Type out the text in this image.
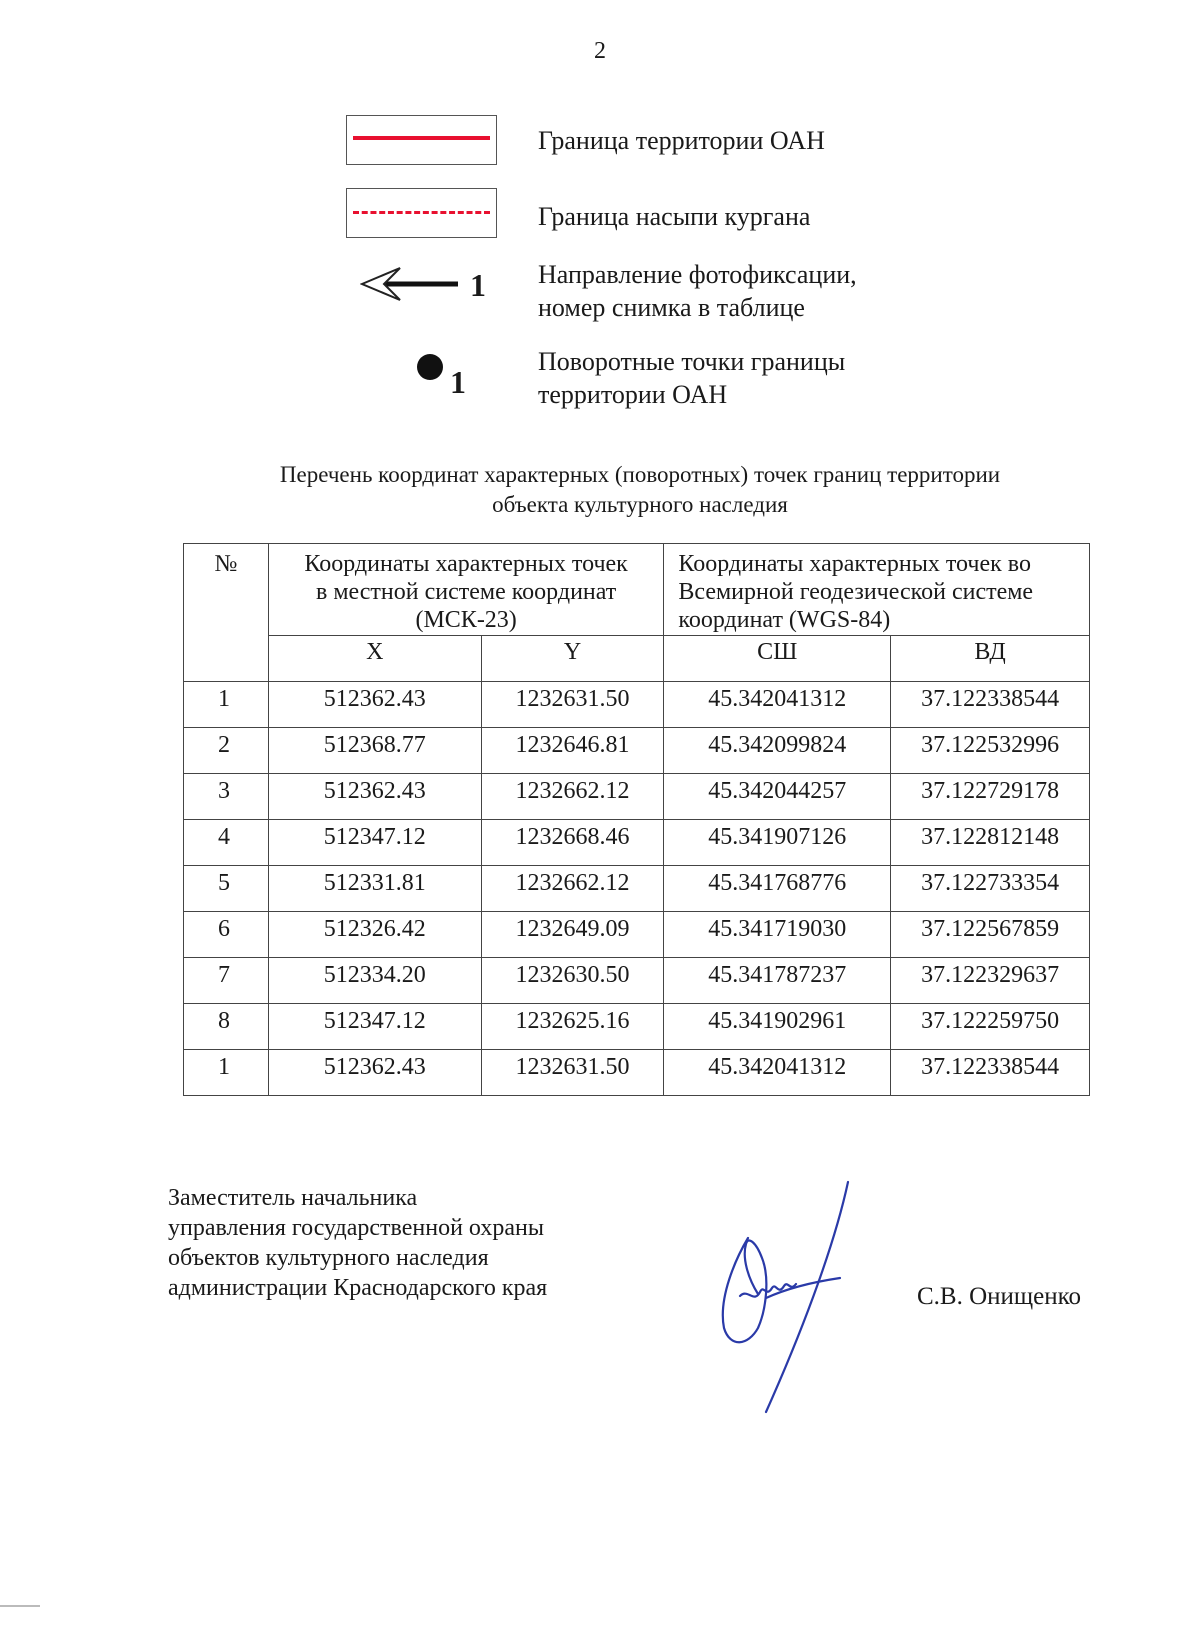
2
Граница территории ОАН
Граница насыпи кургана
1 Направление фотофиксации,
номер снимка в таблице
1
Поворотные точки границы
территории ОАН
Перечень координат характерных (поворотных) точек границ территории
объекта культурного наследия
№	Координаты характерных точек в местной системе координат (МСК-23)		Координаты характерных точек во Всемирной геодезической системе координат (WGS-84)	
	X	Y	СШ	ВД
1	512362.43	1232631.50	45.342041312	37.122338544
2	512368.77	1232646.81	45.342099824	37.122532996
3	512362.43	1232662.12	45.342044257	37.122729178
4	512347.12	1232668.46	45.341907126	37.122812148
5	512331.81	1232662.12	45.341768776	37.122733354
6	512326.42	1232649.09	45.341719030	37.122567859
7	512334.20	1232630.50	45.341787237	37.122329637
8	512347.12	1232625.16	45.341902961	37.122259750
1	512362.43	1232631.50	45.342041312	37.122338544
Заместитель начальника
управления государственной охраны
объектов культурного наследия
администрации Краснодарского края	С.В. Онищенко
